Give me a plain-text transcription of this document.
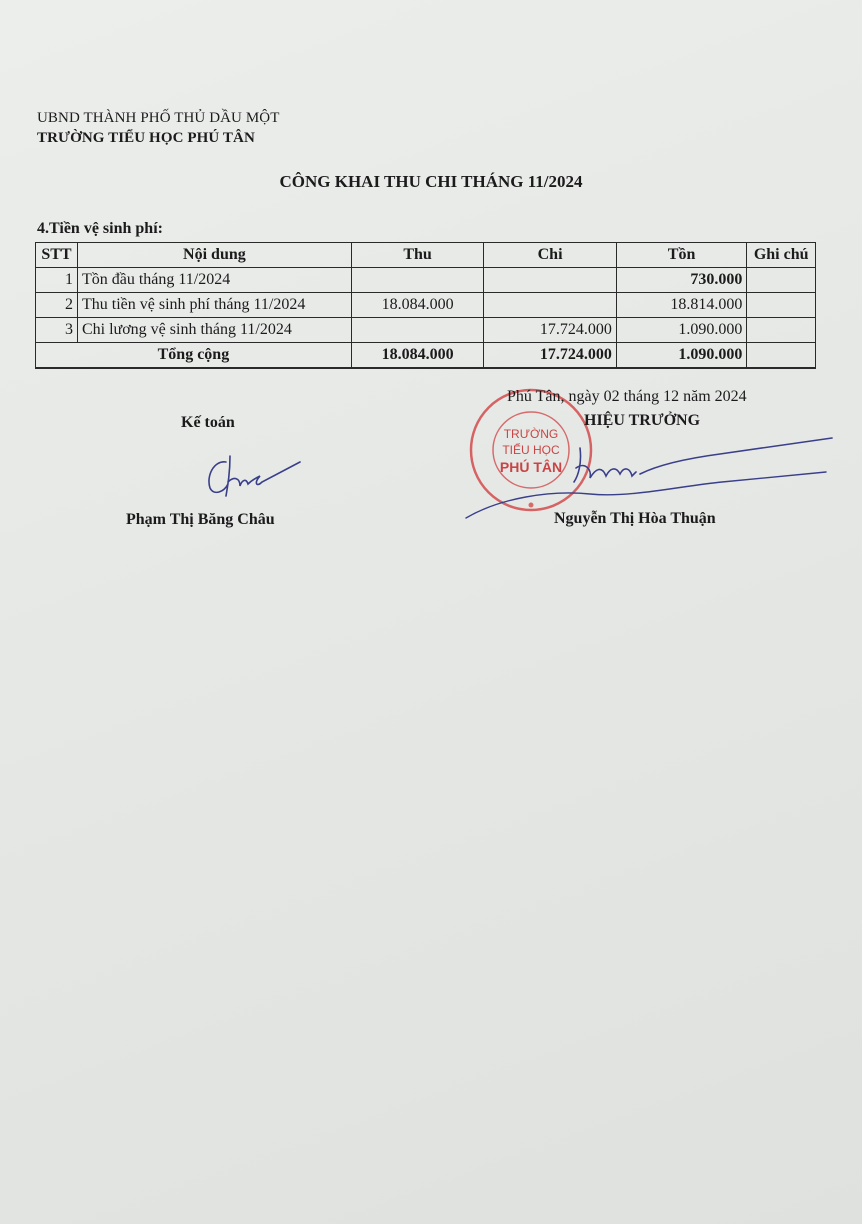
UBND THÀNH PHỐ THỦ DẦU MỘT
TRƯỜNG TIỂU HỌC PHÚ TÂN
CÔNG KHAI THU CHI THÁNG 11/2024
4.Tiền vệ sinh phí:
STT	Nội dung	Thu	Chi	Tồn	Ghi chú
1	Tồn đầu tháng 11/2024			730.000	
2	Thu tiền vệ sinh phí tháng 11/2024	18.084.000		18.814.000	
3	Chi lương vệ sinh tháng 11/2024		17.724.000	1.090.000	
Tổng cộng		18.084.000	17.724.000	1.090.000	
TRƯỜNG
TIỂU HỌC
PHÚ TÂN
Phú Tân, ngày 02 tháng 12 năm 2024
Kế toán	HIỆU TRƯỞNG
Phạm Thị Băng Châu	Nguyễn Thị Hòa Thuận
